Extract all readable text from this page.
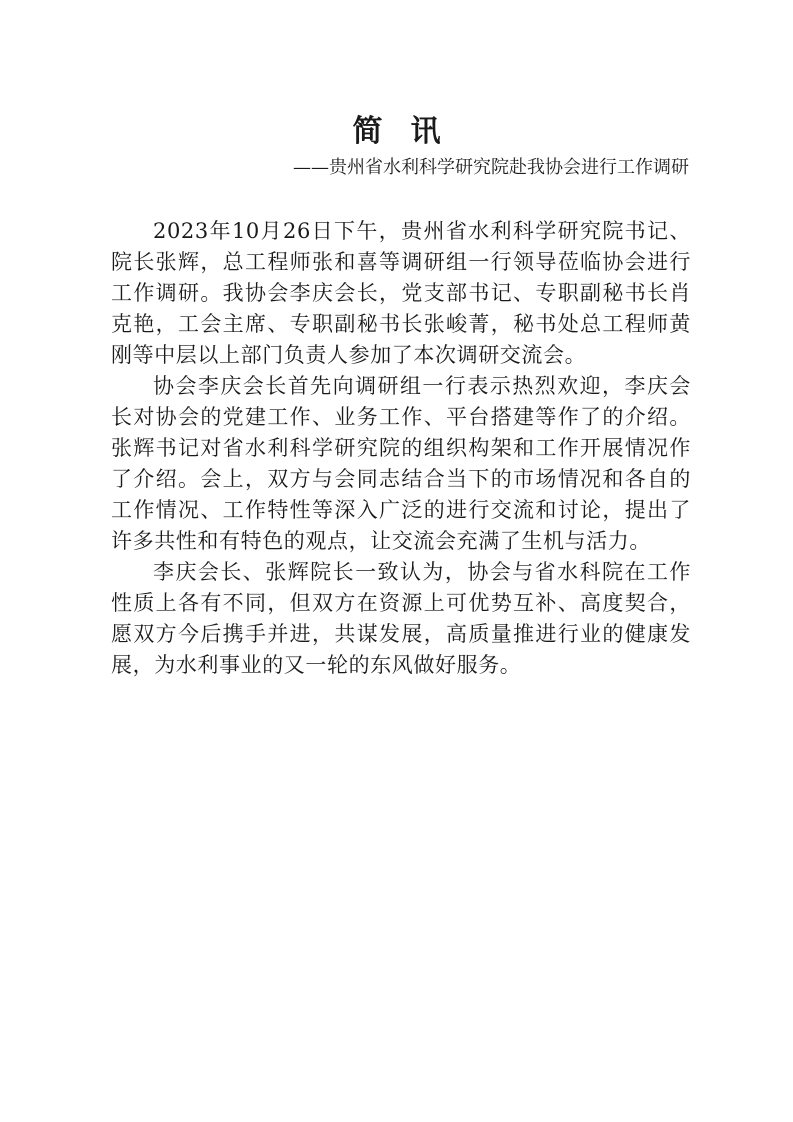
简讯
——贵州省水利科学研究院赴我协会进行工作调研

2023年10月26日下午，贵州省水利科学研究院书记、院长张辉，总工程师张和喜等调研组一行领导莅临协会进行工作调研。我协会李庆会长，党支部书记、专职副秘书长肖克艳，工会主席、专职副秘书长张峻菁，秘书处总工程师黄刚等中层以上部门负责人参加了本次调研交流会。

协会李庆会长首先向调研组一行表示热烈欢迎，李庆会长对协会的党建工作、业务工作、平台搭建等作了的介绍。张辉书记对省水利科学研究院的组织构架和工作开展情况作了介绍。会上，双方与会同志结合当下的市场情况和各自的工作情况、工作特性等深入广泛的进行交流和讨论，提出了许多共性和有特色的观点，让交流会充满了生机与活力。

李庆会长、张辉院长一致认为，协会与省水科院在工作性质上各有不同，但双方在资源上可优势互补、高度契合，愿双方今后携手并进，共谋发展，高质量推进行业的健康发展，为水利事业的又一轮的东风做好服务。
